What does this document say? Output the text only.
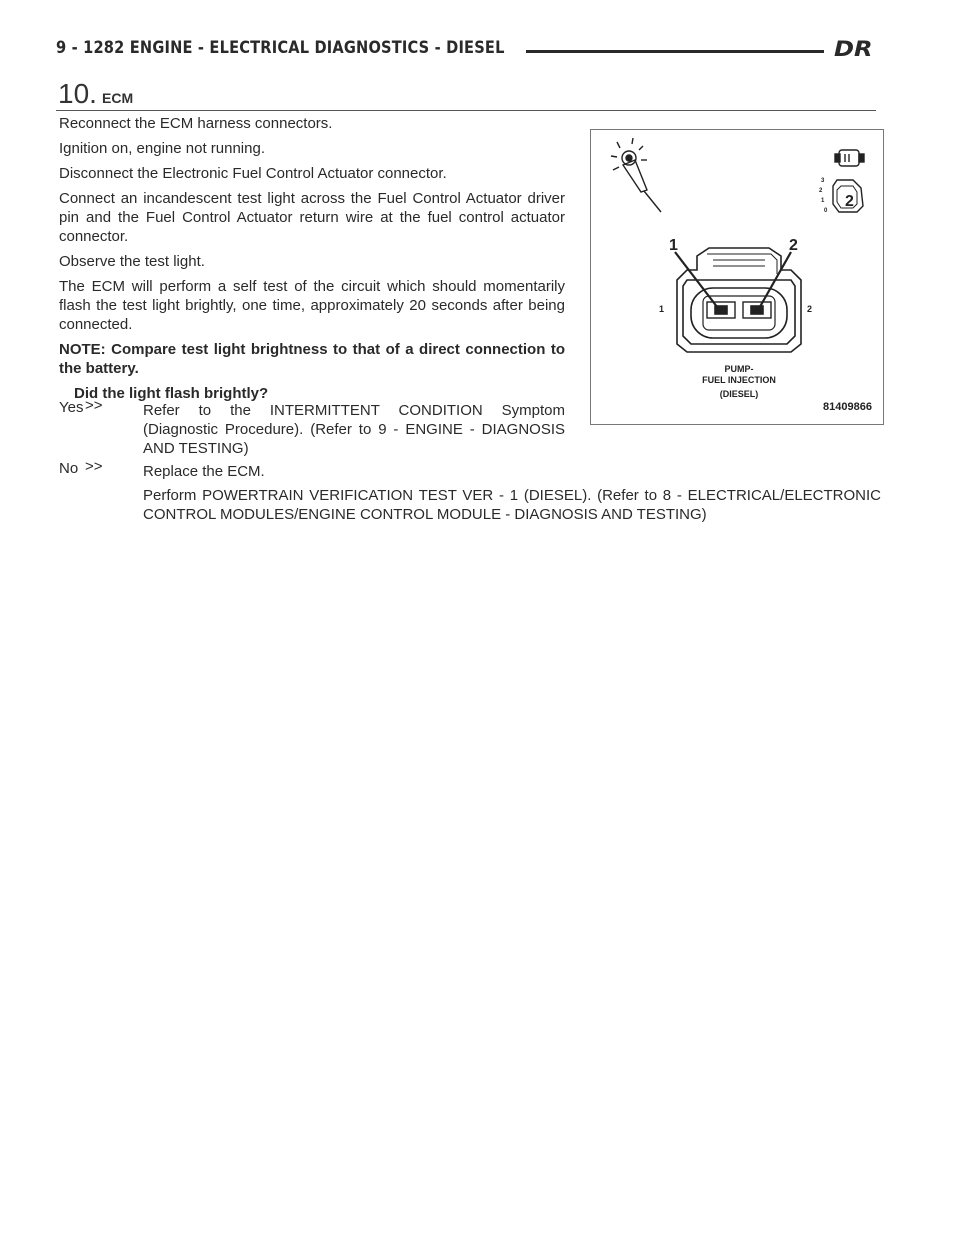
9 - 1282 ENGINE - ELECTRICAL DIAGNOSTICS - DIESEL	DR
10. ECM

Reconnect the ECM harness connectors.

Ignition on, engine not running.

Disconnect the Electronic Fuel Control Actuator connector.

Connect an incandescent test light across the Fuel Control Actuator driver pin and the Fuel Control Actuator return wire at the fuel control actuator connector.

Observe the test light.

The ECM will perform a self test of the circuit which should momentarily flash the test light brightly, one time, approximately 20 seconds after being connected.

NOTE: Compare test light brightness to that of a direct connection to the battery.

Did the light flash brightly?

Yes >>	Refer to the INTERMITTENT CONDITION Symptom (Diagnostic Procedure). (Refer to 9 - ENGINE - DIAGNOSIS AND TESTING)

No >>	Replace the ECM.

Perform POWERTRAIN VERIFICATION TEST VER - 1 (DIESEL). (Refer to 8 - ELECTRICAL/ELECTRONIC CONTROL MODULES/ENGINE CONTROL MODULE - DIAGNOSIS AND TESTING)

2
3
2
1
0
1	2
1	2
PUMP-
FUEL INJECTION
(DIESEL)
81409866
